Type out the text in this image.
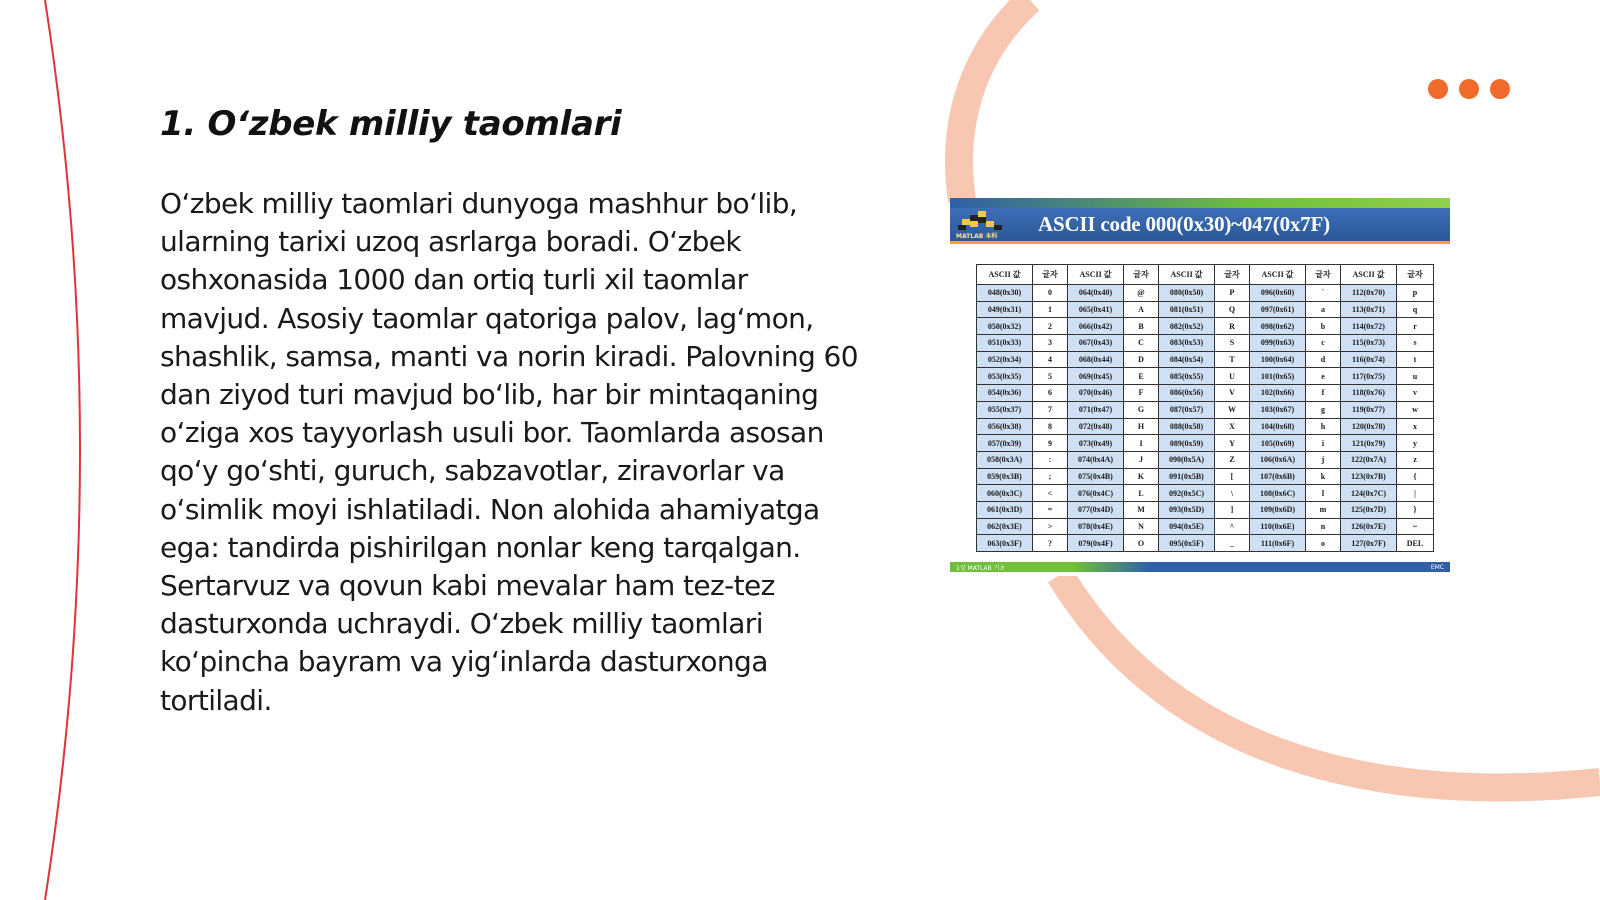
1. O‘zbek milliy taomlari

O‘zbek milliy taomlari dunyoga mashhur bo‘lib, ularning tarixi uzoq asrlarga boradi. O‘zbek oshxonasida 1000 dan ortiq turli xil taomlar mavjud. Asosiy taomlar qatoriga palov, lag‘mon, shashlik, samsa, manti va norin kiradi. Palovning 60 dan ziyod turi mavjud bo‘lib, har bir mintaqaning o‘ziga xos tayyorlash usuli bor. Taomlarda asosan qo‘y go‘shti, guruch, sabzavotlar, ziravorlar va o‘simlik moyi ishlatiladi. Non alohida ahamiyatga ega: tandirda pishirilgan nonlar keng tarqalgan. Sertarvuz va qovun kabi mevalar ham tez-tez dasturxonda uchraydi. O‘zbek milliy taomlari ko‘pincha bayram va yig‘inlarda dasturxonga tortiladi.

MATLAB 本科 ASCII code 000(0x30)~047(0x7F)
ASCII 값	글자	ASCII 값	글자	ASCII 값	글자	ASCII 값	글자	ASCII 값	글자
048(0x30)	0	064(0x40)	@	080(0x50)	P	096(0x60)	`	112(0x70)	p
049(0x31)	1	065(0x41)	A	081(0x51)	Q	097(0x61)	a	113(0x71)	q
050(0x32)	2	066(0x42)	B	082(0x52)	R	098(0x62)	b	114(0x72)	r
051(0x33)	3	067(0x43)	C	083(0x53)	S	099(0x63)	c	115(0x73)	s
052(0x34)	4	068(0x44)	D	084(0x54)	T	100(0x64)	d	116(0x74)	t
053(0x35)	5	069(0x45)	E	085(0x55)	U	101(0x65)	e	117(0x75)	u
054(0x36)	6	070(0x46)	F	086(0x56)	V	102(0x66)	f	118(0x76)	v
055(0x37)	7	071(0x47)	G	087(0x57)	W	103(0x67)	g	119(0x77)	w
056(0x38)	8	072(0x48)	H	088(0x58)	X	104(0x68)	h	120(0x78)	x
057(0x39)	9	073(0x49)	I	089(0x59)	Y	105(0x69)	i	121(0x79)	y
058(0x3A)	:	074(0x4A)	J	090(0x5A)	Z	106(0x6A)	j	122(0x7A)	z
059(0x3B)	;	075(0x4B)	K	091(0x5B)	[	107(0x6B)	k	123(0x7B)	{
060(0x3C)	<	076(0x4C)	L	092(0x5C)	\	108(0x6C)	l	124(0x7C)	|
061(0x3D)	=	077(0x4D)	M	093(0x5D)	]	109(0x6D)	m	125(0x7D)	}
062(0x3E)	>	078(0x4E)	N	094(0x5E)	^	110(0x6E)	n	126(0x7E)	~
063(0x3F)	?	079(0x4F)	O	095(0x5F)	_	111(0x6F)	o	127(0x7F)	DEL
1장 MATLAB 기초	EMC
